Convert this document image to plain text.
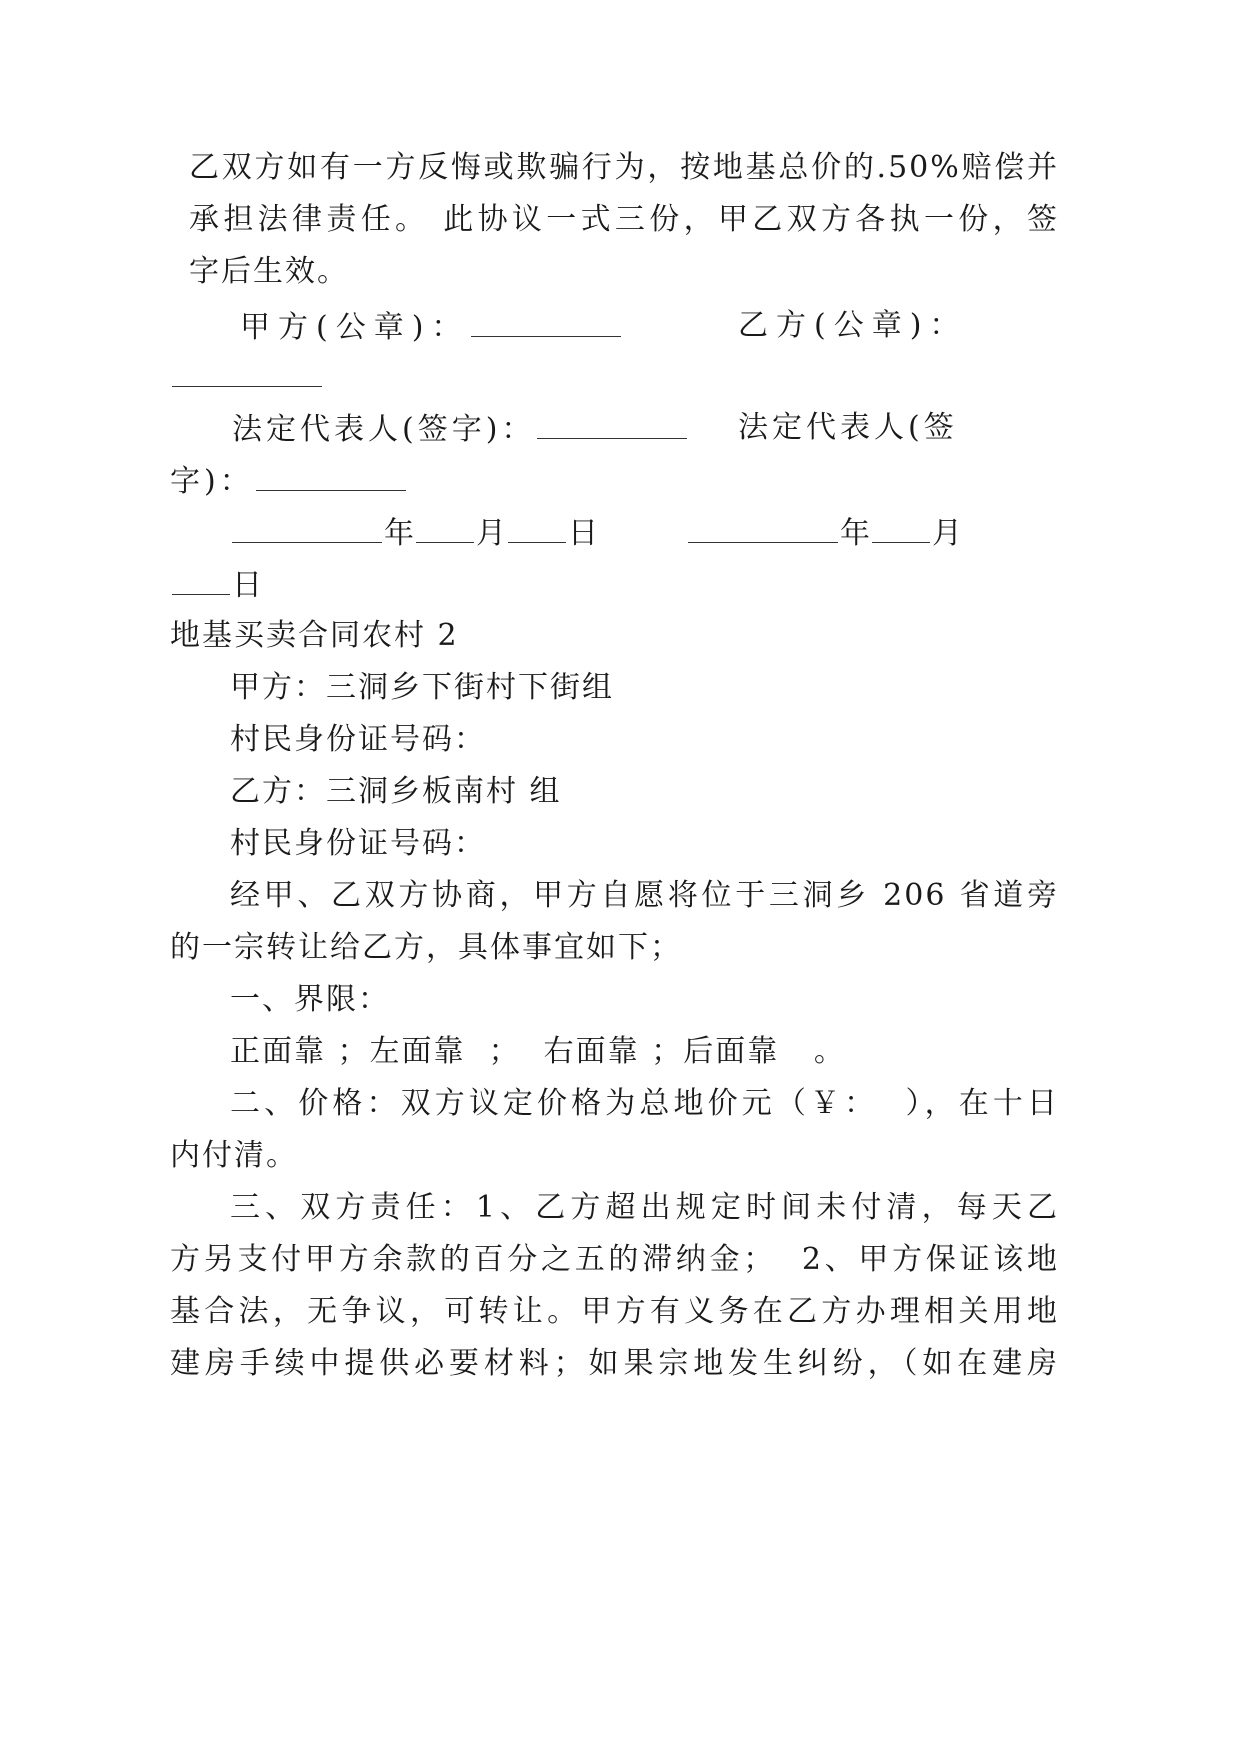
乙双方如有一方反悔或欺骗行为，按地基总价的.50%赔偿并
承担法律责任。 此协议一式三份，甲乙双方各执一份，签
字后生效。
甲方(公章)：	乙方(公章)：
法定代表人(签字)：	法定代表人(签
字)：
年 月 日	年 月
日
地基买卖合同农村 2
甲方：三洞乡下街村下街组
村民身份证号码：
乙方：三洞乡板南村 组
村民身份证号码：
经甲、乙双方协商，甲方自愿将位于三洞乡 206 省道旁
的一宗转让给乙方，具体事宜如下；
一、界限：
正面靠 ；左面靠  ；  右面靠 ；后面靠   。
二、价格：双方议定价格为总地价元（￥：  ），在十日
内付清。
三、双方责任：1、乙方超出规定时间未付清，每天乙
方另支付甲方余款的百分之五的滞纳金；  2、甲方保证该地
基合法，无争议，可转让。甲方有义务在乙方办理相关用地
建房手续中提供必要材料；如果宗地发生纠纷，（如在建房
